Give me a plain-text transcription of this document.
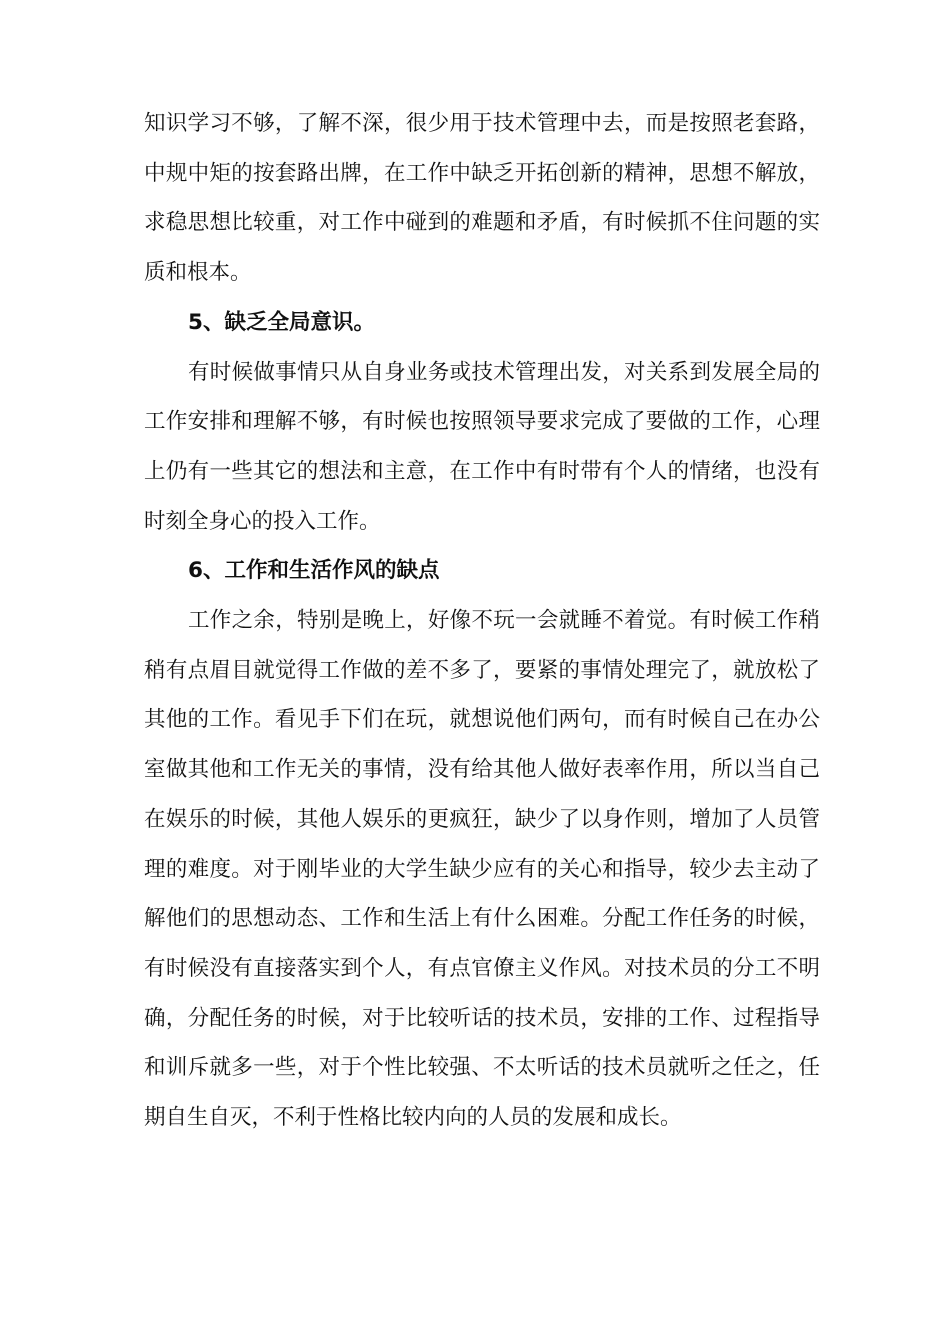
知识学习不够，了解不深，很少用于技术管理中去，而是按照老套路，中规中矩的按套路出牌，在工作中缺乏开拓创新的精神，思想不解放，求稳思想比较重，对工作中碰到的难题和矛盾，有时候抓不住问题的实质和根本。

5、缺乏全局意识。

有时候做事情只从自身业务或技术管理出发，对关系到发展全局的工作安排和理解不够，有时候也按照领导要求完成了要做的工作，心理上仍有一些其它的想法和主意，在工作中有时带有个人的情绪，也没有时刻全身心的投入工作。

6、工作和生活作风的缺点

工作之余，特别是晚上，好像不玩一会就睡不着觉。有时候工作稍稍有点眉目就觉得工作做的差不多了，要紧的事情处理完了，就放松了其他的工作。看见手下们在玩，就想说他们两句，而有时候自己在办公室做其他和工作无关的事情，没有给其他人做好表率作用，所以当自己在娱乐的时候，其他人娱乐的更疯狂，缺少了以身作则，增加了人员管理的难度。对于刚毕业的大学生缺少应有的关心和指导，较少去主动了解他们的思想动态、工作和生活上有什么困难。分配工作任务的时候，有时候没有直接落实到个人，有点官僚主义作风。对技术员的分工不明确，分配任务的时候，对于比较听话的技术员，安排的工作、过程指导和训斥就多一些，对于个性比较强、不太听话的技术员就听之任之，任期自生自灭，不利于性格比较内向的人员的发展和成长。
